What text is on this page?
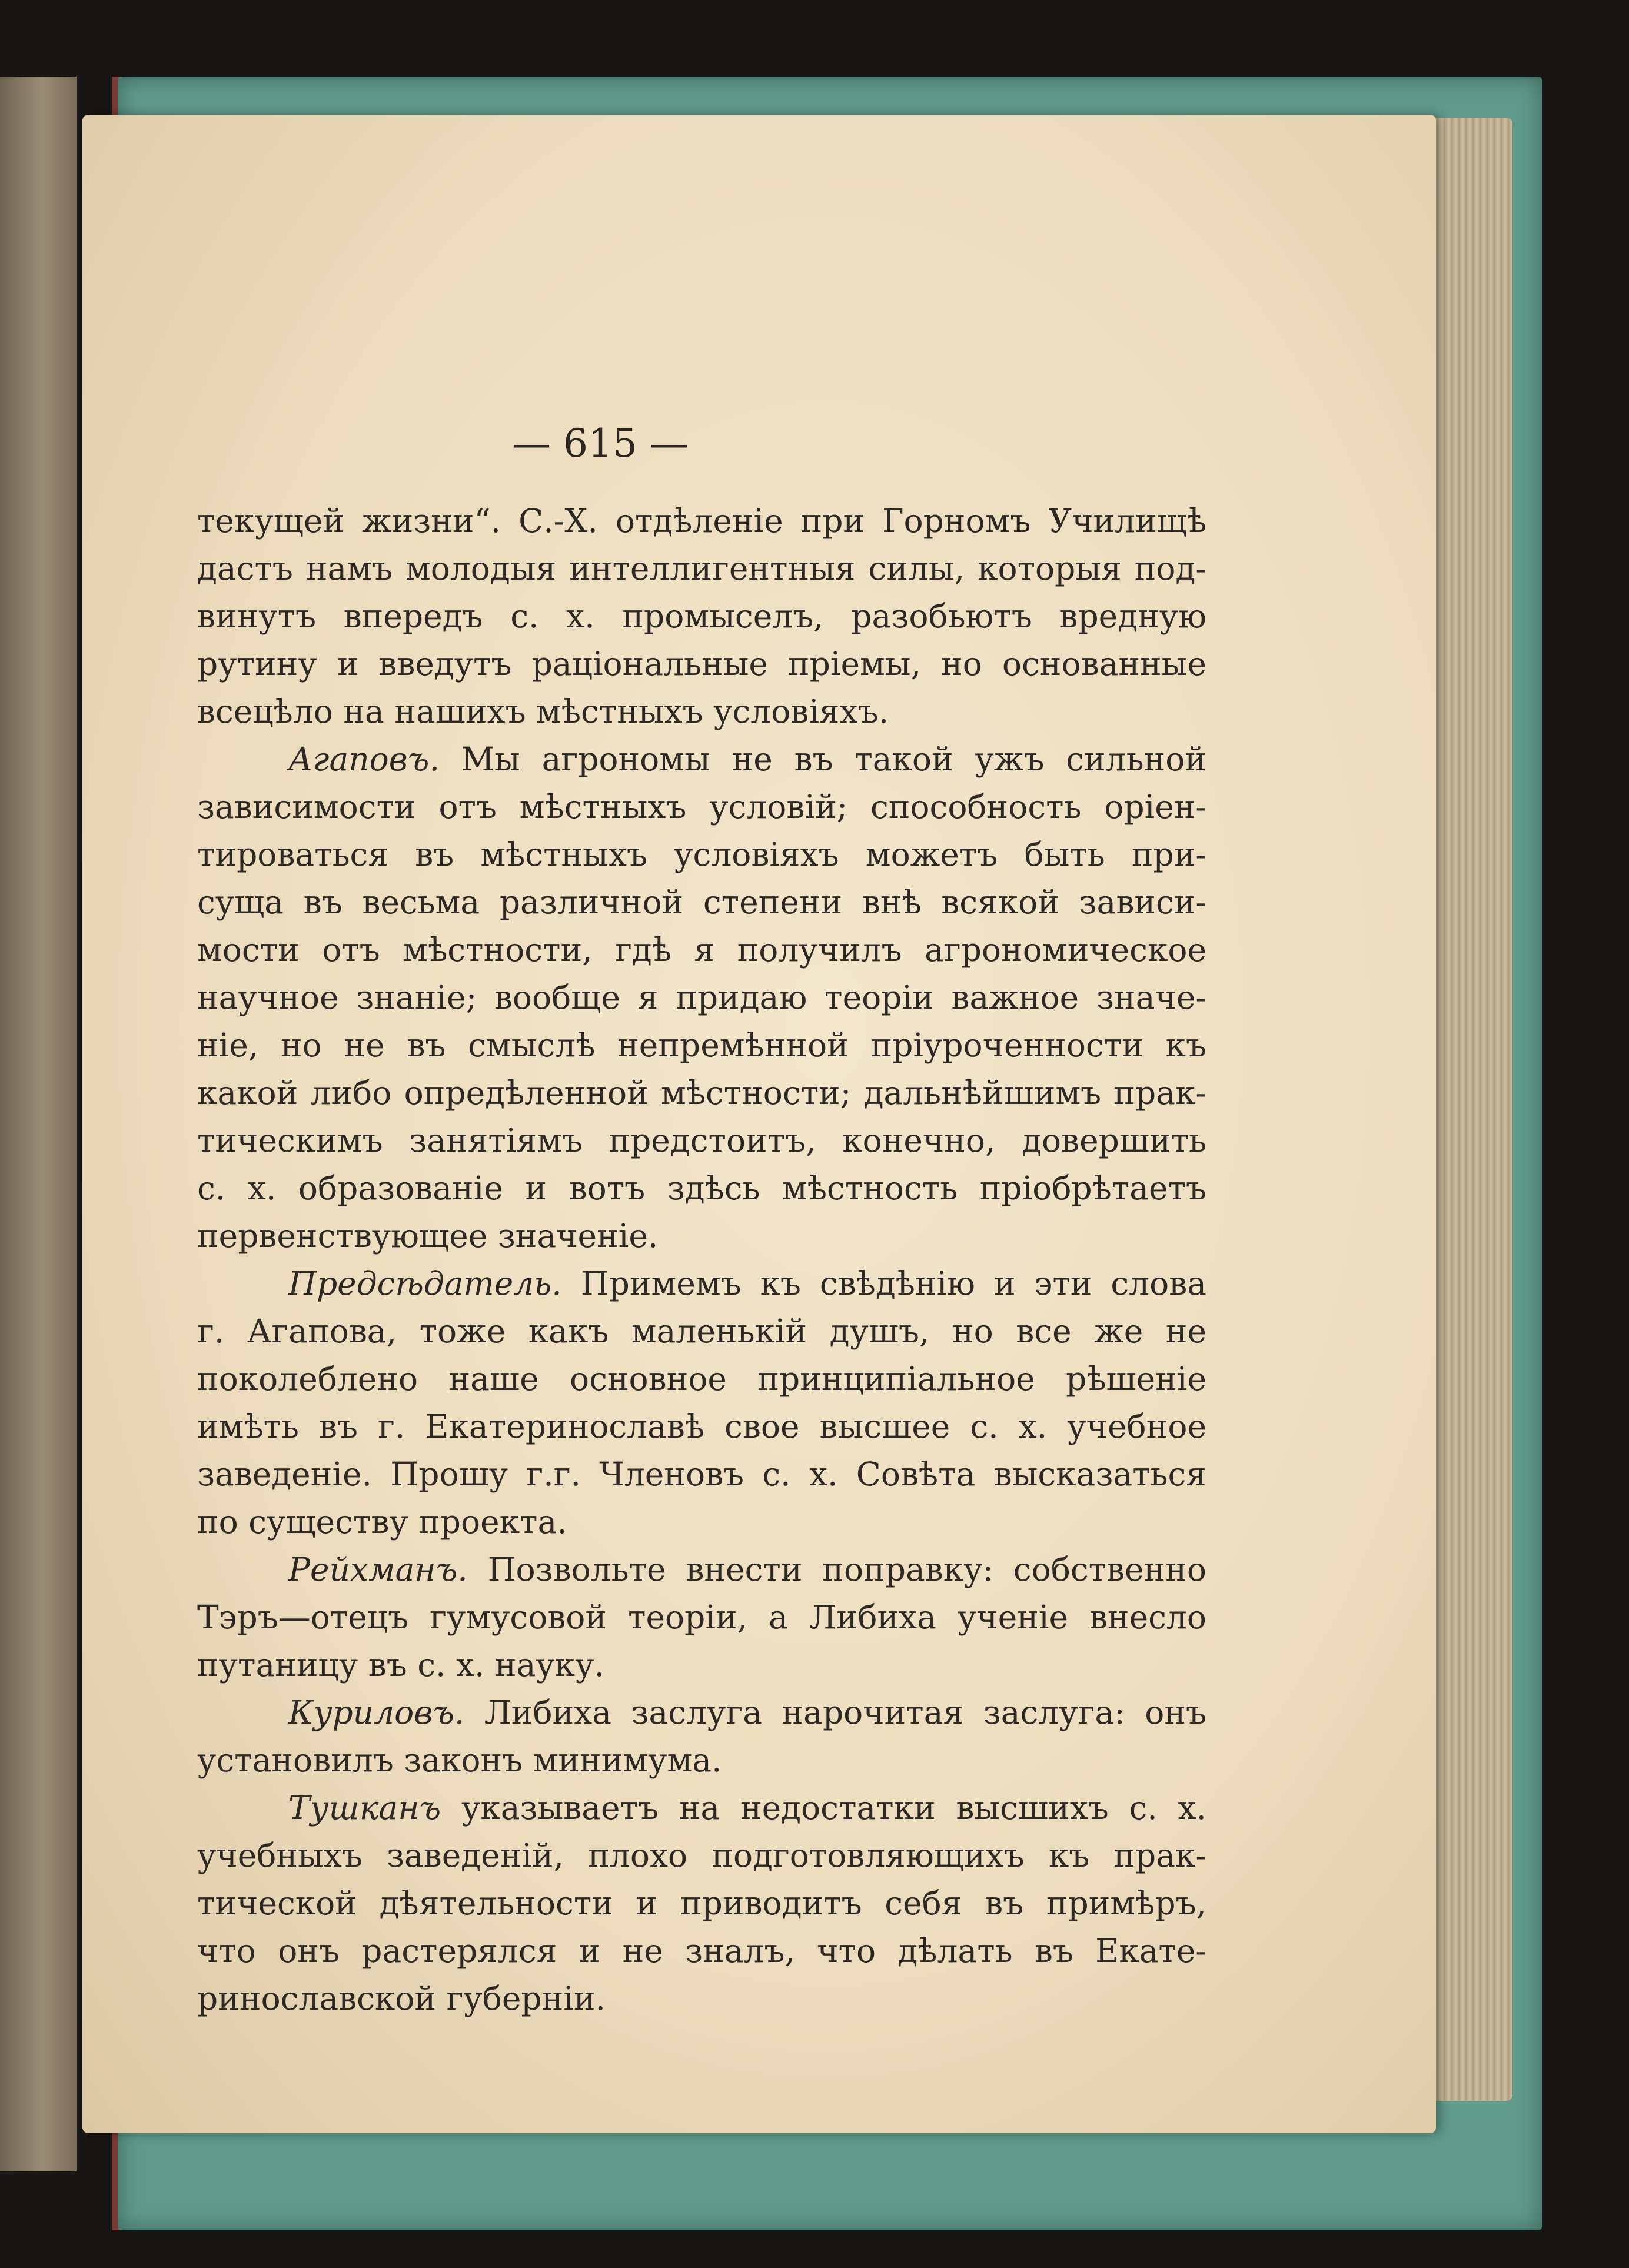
— 615 —
текущей жизни“. С.-Х. отдѣленіе при Горномъ Училищѣ
дастъ намъ молодыя интеллигентныя силы, которыя под-
винутъ впередъ с. х. промыселъ, разобьютъ вредную
рутину и введутъ раціональные пріемы, но основанные
всецѣло на нашихъ мѣстныхъ условіяхъ.
Агаповъ. Мы агрономы не въ такой ужъ сильной
зависимости отъ мѣстныхъ условій; способность оріен-
тироваться въ мѣстныхъ условіяхъ можетъ быть при-
суща въ весьма различной степени внѣ всякой зависи-
мости отъ мѣстности, гдѣ я получилъ агрономическое
научное знаніе; вообще я придаю теоріи важное значе-
ніе, но не въ смыслѣ непремѣнной пріуроченности къ
какой либо опредѣленной мѣстности; дальнѣйшимъ прак-
тическимъ занятіямъ предстоитъ, конечно, довершить
с. х. образованіе и вотъ здѣсь мѣстность пріобрѣтаетъ
первенствующее значеніе.
Предсѣдатель. Примемъ къ свѣдѣнію и эти слова
г. Агапова, тоже какъ маленькій душъ, но все же не
поколеблено наше основное принципіальное рѣшеніе
имѣть въ г. Екатеринославѣ свое высшее с. х. учебное
заведеніе. Прошу г.г. Членовъ с. х. Совѣта высказаться
по существу проекта.
Рейхманъ. Позвольте внести поправку: собственно
Тэръ—отецъ гумусовой теоріи, а Либиха ученіе внесло
путаницу въ с. х. науку.
Куриловъ. Либиха заслуга нарочитая заслуга: онъ
установилъ законъ минимума.
Тушканъ указываетъ на недостатки высшихъ с. х.
учебныхъ заведеній, плохо подготовляющихъ къ прак-
тической дѣятельности и приводитъ себя въ примѣръ,
что онъ растерялся и не зналъ, что дѣлать въ Екате-
ринославской губерніи.
